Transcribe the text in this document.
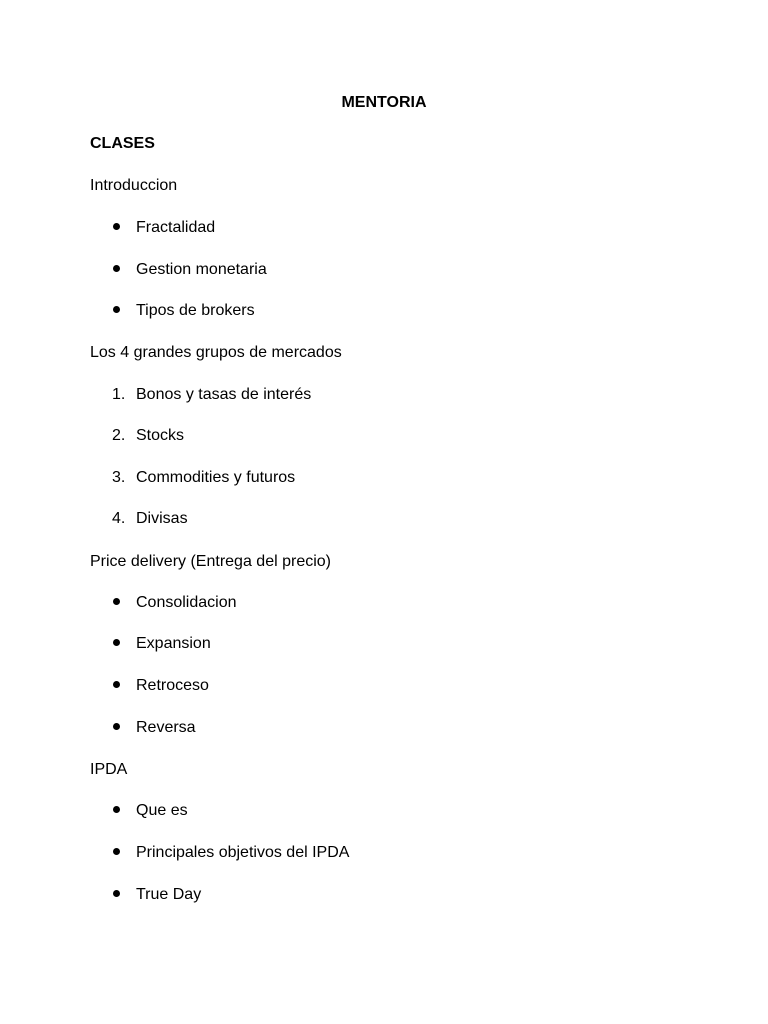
MENTORIA
CLASES
Introduccion
Fractalidad
Gestion monetaria
Tipos de brokers
Los 4 grandes grupos de mercados
1. Bonos y tasas de interés
2. Stocks
3. Commodities y futuros
4. Divisas
Price delivery (Entrega del precio)
Consolidacion
Expansion
Retroceso
Reversa
IPDA
Que es
Principales objetivos del IPDA
True Day
